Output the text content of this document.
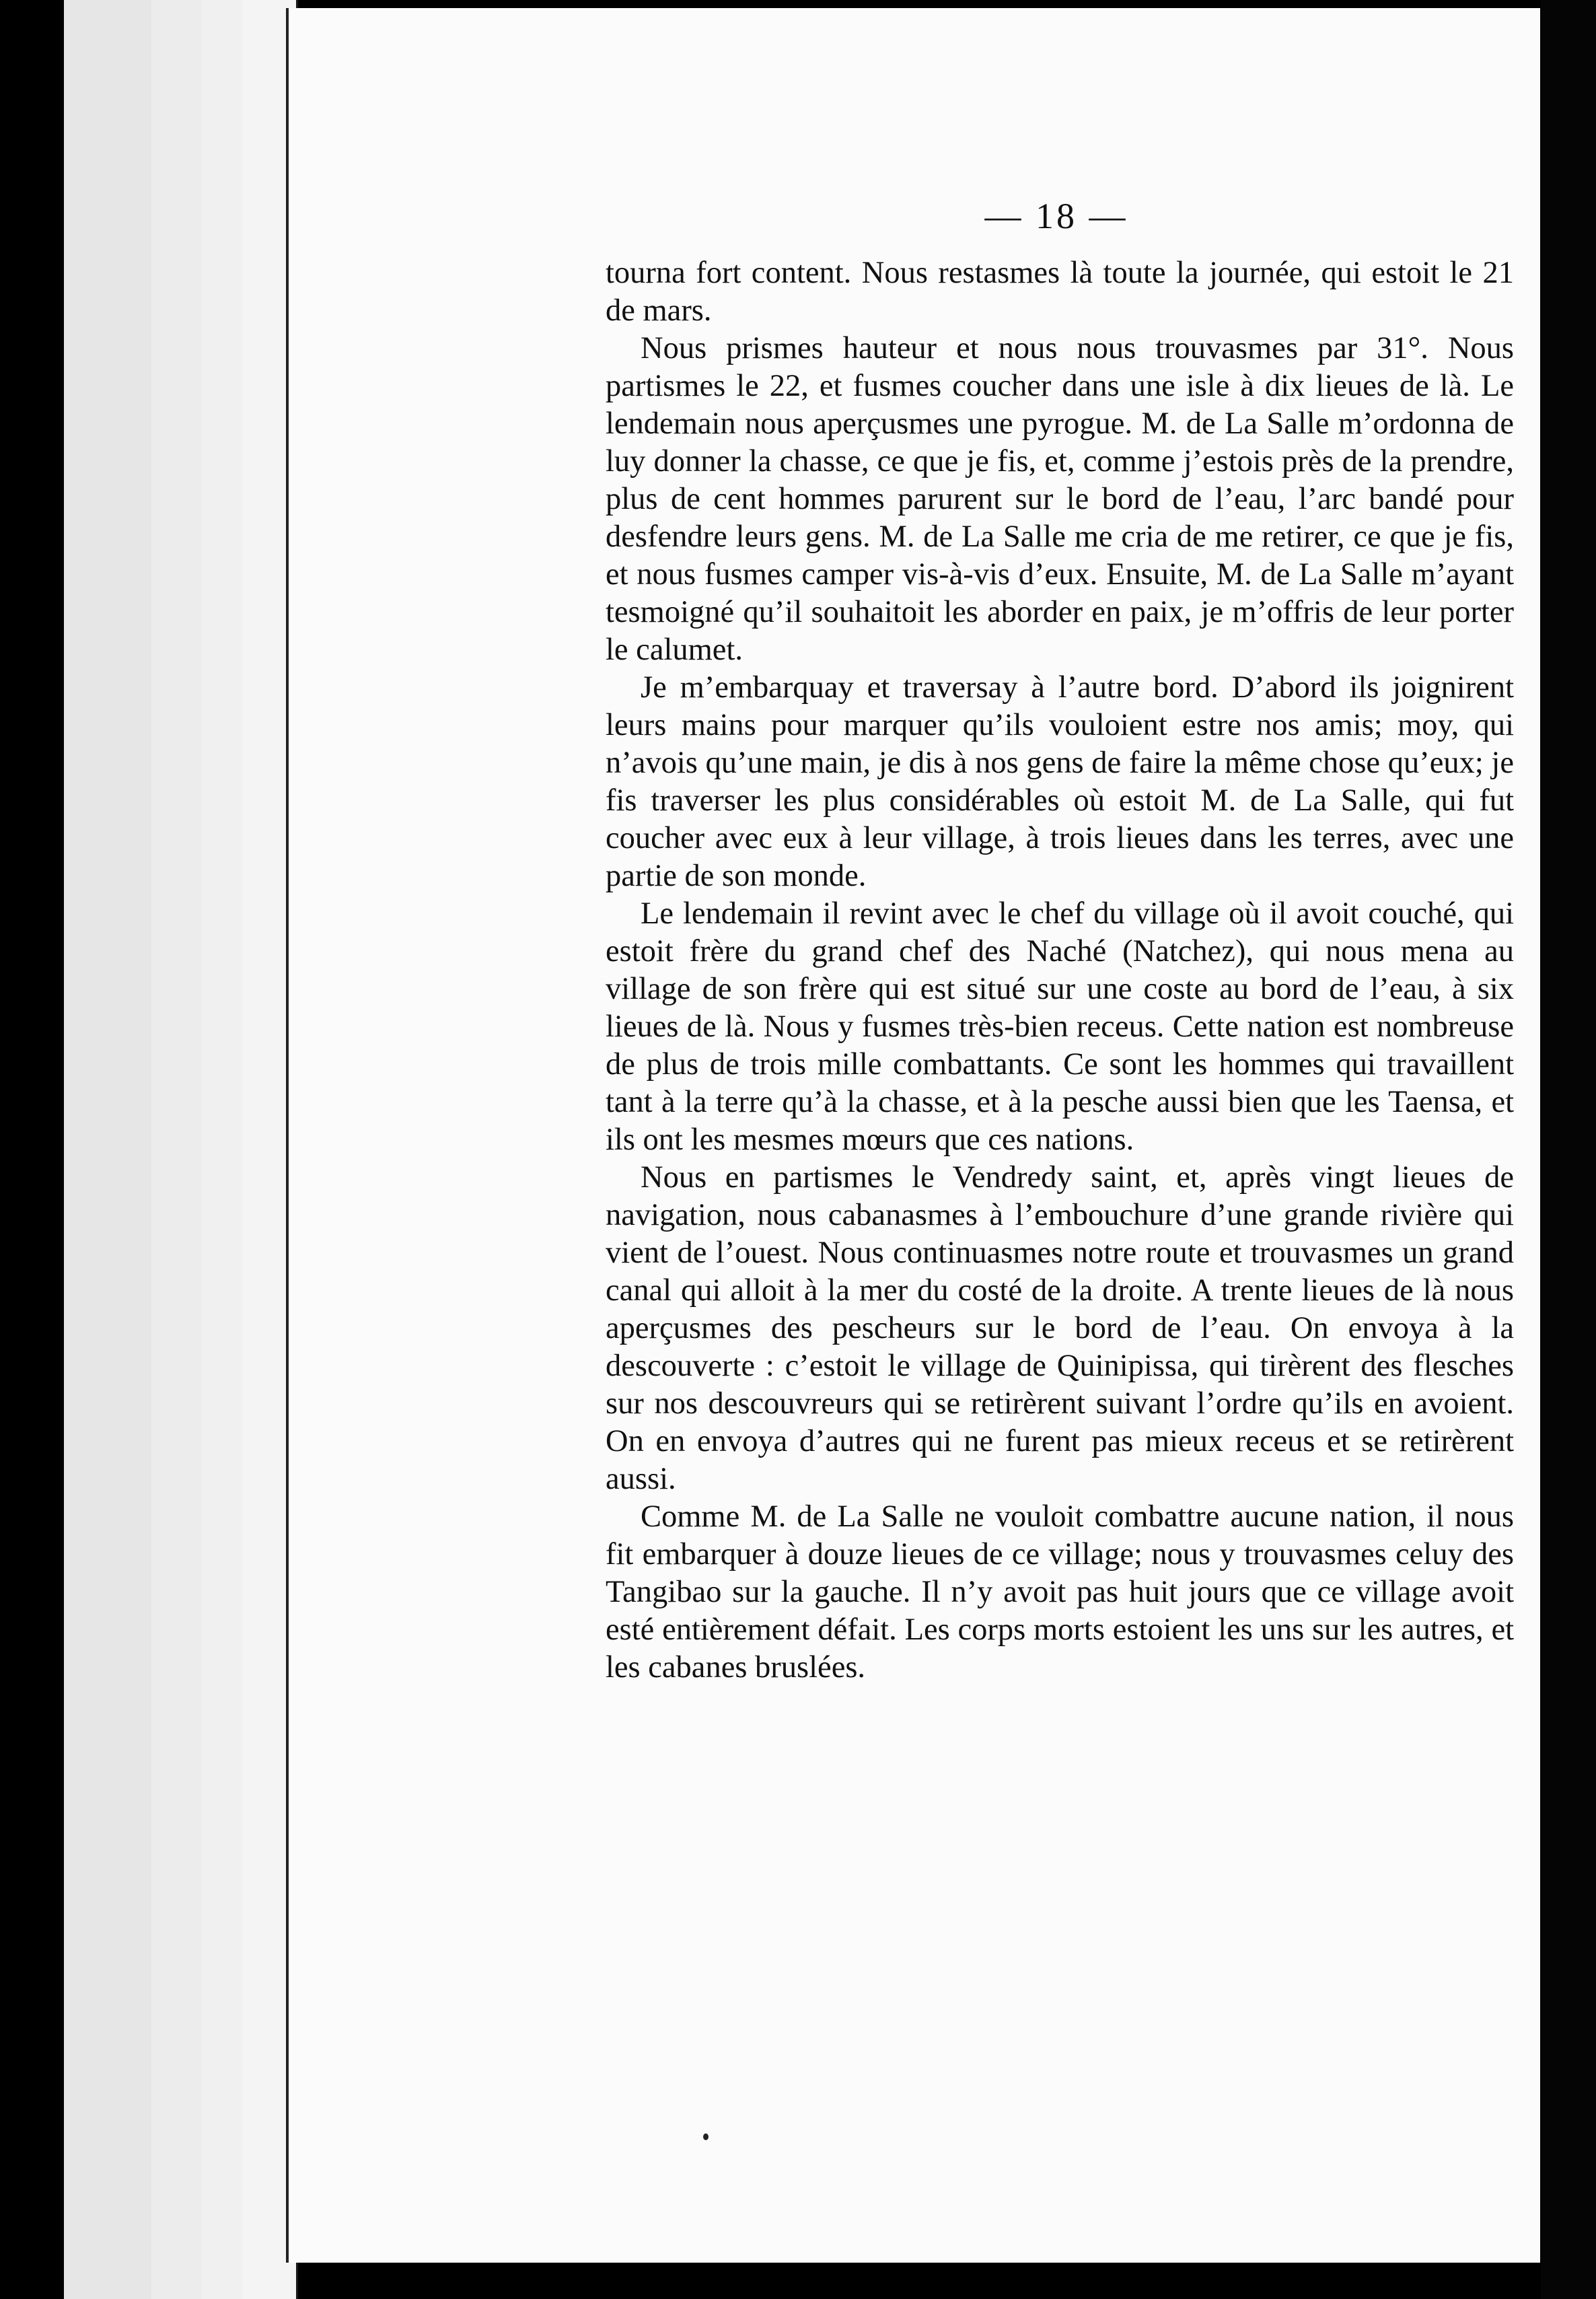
— 18 —

tourna fort content. Nous restasmes là toute la journée, qui estoit le 21 de mars.

Nous prismes hauteur et nous nous trouvasmes par 31°. Nous partismes le 22, et fusmes coucher dans une isle à dix lieues de là. Le lendemain nous aperçusmes une pyrogue. M. de La Salle m’ordonna de luy donner la chasse, ce que je fis, et, comme j’estois près de la prendre, plus de cent hommes parurent sur le bord de l’eau, l’arc bandé pour desfendre leurs gens. M. de La Salle me cria de me retirer, ce que je fis, et nous fusmes camper vis-à-vis d’eux. Ensuite, M. de La Salle m’ayant tesmoigné qu’il souhaitoit les aborder en paix, je m’offris de leur porter le calumet.

Je m’embarquay et traversay à l’autre bord. D’abord ils joignirent leurs mains pour marquer qu’ils vouloient estre nos amis; moy, qui n’avois qu’une main, je dis à nos gens de faire la même chose qu’eux; je fis traverser les plus considérables où estoit M. de La Salle, qui fut coucher avec eux à leur village, à trois lieues dans les terres, avec une partie de son monde.

Le lendemain il revint avec le chef du village où il avoit couché, qui estoit frère du grand chef des Naché (Natchez), qui nous mena au village de son frère qui est situé sur une coste au bord de l’eau, à six lieues de là. Nous y fusmes très-bien receus. Cette nation est nombreuse de plus de trois mille combattants. Ce sont les hommes qui travaillent tant à la terre qu’à la chasse, et à la pesche aussi bien que les Taensa, et ils ont les mesmes mœurs que ces nations.

Nous en partismes le Vendredy saint, et, après vingt lieues de navigation, nous cabanasmes à l’embouchure d’une grande rivière qui vient de l’ouest. Nous continuasmes notre route et trouvasmes un grand canal qui alloit à la mer du costé de la droite. A trente lieues de là nous aperçusmes des pescheurs sur le bord de l’eau. On envoya à la descouverte : c’estoit le village de Quinipissa, qui tirèrent des flesches sur nos descouvreurs qui se retirèrent suivant l’ordre qu’ils en avoient. On en envoya d’autres qui ne furent pas mieux receus et se retirèrent aussi.

Comme M. de La Salle ne vouloit combattre aucune nation, il nous fit embarquer à douze lieues de ce village; nous y trouvasmes celuy des Tangibao sur la gauche. Il n’y avoit pas huit jours que ce village avoit esté entièrement défait. Les corps morts estoient les uns sur les autres, et les cabanes bruslées.
